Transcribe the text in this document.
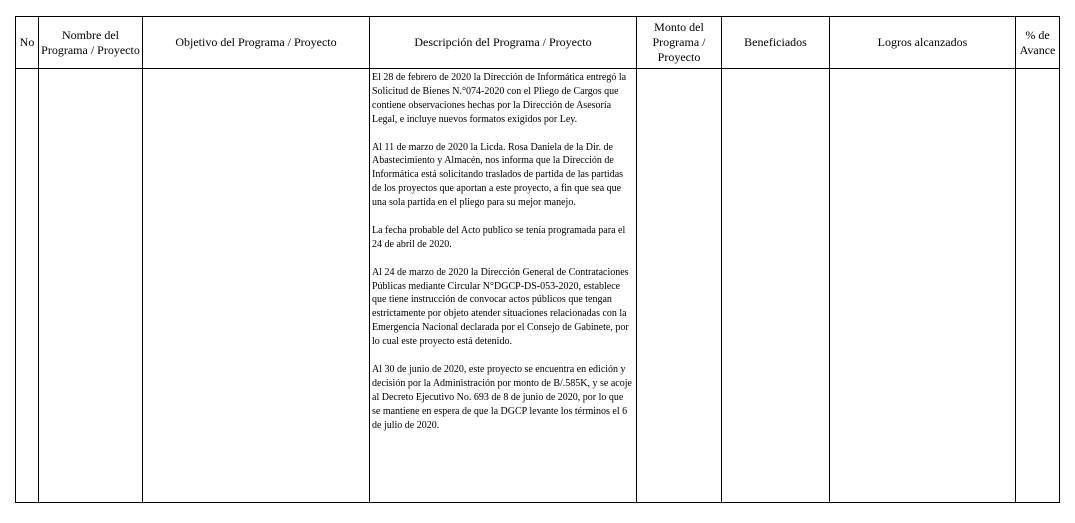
No	Nombre del Programa / Proyecto	Objetivo del Programa / Proyecto	Descripción del Programa / Proyecto	Monto del Programa / Proyecto	Beneficiados	Logros alcanzados	% de Avance

			El 28 de febrero de 2020 la Dirección de Informática entregó la Solicitud de Bienes N.°074-2020 con el Pliego de Cargos que contiene observaciones hechas por la Dirección de Asesoría Legal, e incluye nuevos formatos exigidos por Ley.

Al 11 de marzo de 2020 la Licda. Rosa Daniela de la Dir. de Abastecimiento y Almacén, nos informa que la Dirección de Informática está solicitando traslados de partida de las partidas de los proyectos que aportan a este proyecto, a fin que sea que una sola partida en el pliego para su mejor manejo.

La fecha probable del Acto publico se tenía programada para el 24 de abril de 2020.

Al 24 de marzo de 2020 la Dirección General de Contrataciones Públicas mediante Circular N°DGCP-DS-053-2020, establece que tiene instrucción de convocar actos públicos que tengan estrictamente por objeto atender situaciones relacionadas con la Emergencia Nacional declarada por el Consejo de Gabinete, por lo cual este proyecto está detenido.

Al 30 de junio de 2020, este proyecto se encuentra en edición y decisión por la Administración por monto de B/.585K, y se acoje al Decreto Ejecutivo No. 693 de 8 de junio de 2020, por lo que se mantiene en espera de que la DGCP levante los términos el 6 de julio de 2020.				
